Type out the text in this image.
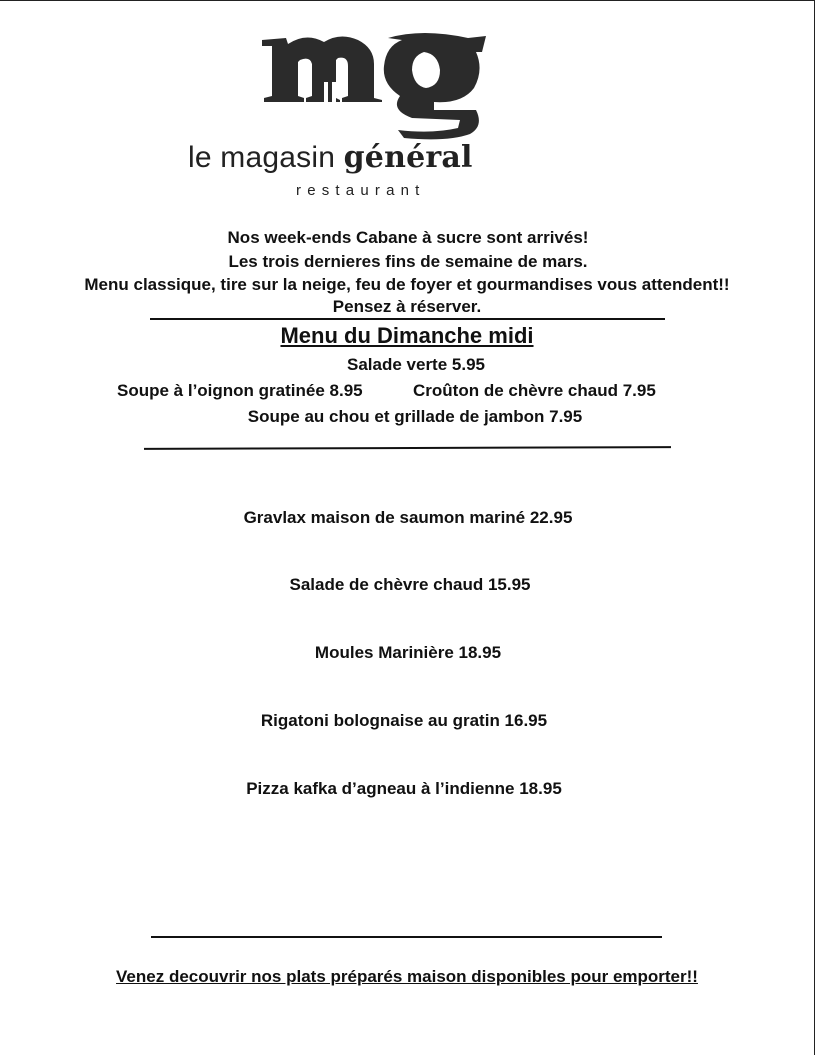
le magasin général
restaurant
Nos week-ends Cabane à sucre sont arrivés!
Les trois dernieres fins de semaine de mars.
Menu classique, tire sur la neige, feu de foyer et gourmandises vous attendent!!
Pensez à réserver.
Menu du Dimanche midi
Salade verte 5.95
Soupe à l’oignon gratinée 8.95	Croûton de chèvre chaud 7.95
Soupe au chou et grillade de jambon 7.95
Gravlax maison de saumon mariné 22.95
Salade de chèvre chaud 15.95
Moules Marinière 18.95
Rigatoni bolognaise au gratin 16.95
Pizza kafka d’agneau à l’indienne 18.95
Venez decouvrir nos plats préparés maison disponibles pour emporter!!
